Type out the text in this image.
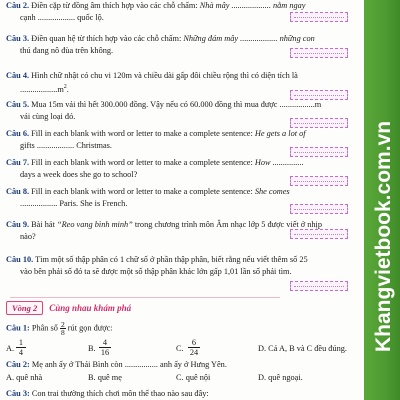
Câu 2. Điền cặp từ đồng âm thích hợp vào các chỗ chấm: Nhà mây ................... nằm ngay
cạnh .................. quốc lộ.
Câu 3. Điền quan hệ từ thích hợp vào các chỗ chấm: Những đám mây .................. những con
thú đang nô đùa trên không.
Câu 4. Hình chữ nhật có chu vi 120m và chiều dài gấp đôi chiều rộng thì có diện tích là
$..................m^2$.
Câu 5. Mua 15m vải thì hết 300.000 đồng. Vậy nếu có 60.000 đồng thì mua được .................m
vải cùng loại đó.
Câu 6. Fill in each blank with word or letter to make a complete sentence: He gets a lot of
gifts .................. Christmas.
Câu 7. Fill in each blank with word or letter to make a complete sentence: How ...............
days a week does she go to school?
Câu 8. Fill in each blank with word or letter to make a complete sentence: She comes
.................. Paris. She is French.
Câu 9. Bài hát “Reo vang bình minh” trong chương trình môn Âm nhạc lớp 5 được viết ở nhịp
nào?
Câu 10. Tìm một số thập phân có 1 chữ số ở phần thập phân, biết rằng nếu viết thêm số 25
vào bên phải số đó ta sẽ được một số thập phân khác lớn gấp 1,01 lần số phải tìm.
Vòng 2	Cùng nhau khám phá
Câu 1: Phân số $\frac{2}{8}$ rút gọn được:
A. $\frac{1}{4}$	B. $\frac{4}{16}$	C. $\frac{6}{24}$	D. Cả A, B và C đều đúng.
Câu 2: Mẹ anh ấy ở Thái Bình còn ................ anh ấy ở Hưng Yên.
A. quê nhà	B. quê mẹ	C. quê nội	D. quê ngoại.
Câu 3: Con trai thường thích chơi môn thể thao nào sau đây:
Khangvietbook.com.vn
